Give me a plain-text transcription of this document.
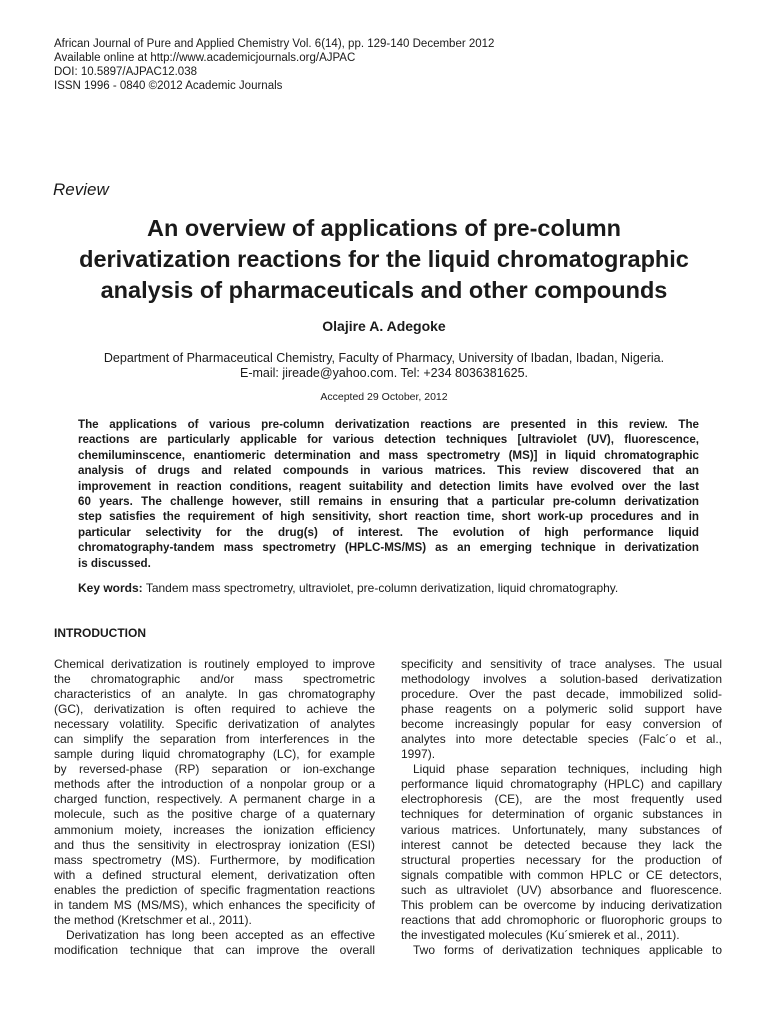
African Journal of Pure and Applied Chemistry Vol. 6(14), pp. 129-140 December 2012
Available online at http://www.academicjournals.org/AJPAC
DOI: 10.5897/AJPAC12.038
ISSN 1996 - 0840 ©2012 Academic Journals
Review
An overview of applications of pre-column
derivatization reactions for the liquid chromatographic
analysis of pharmaceuticals and other compounds
Olajire A. Adegoke
Department of Pharmaceutical Chemistry, Faculty of Pharmacy, University of Ibadan, Ibadan, Nigeria.
E-mail: jireade@yahoo.com. Tel: +234 8036381625.
Accepted 29 October, 2012
The applications of various pre-column derivatization reactions are presented in this review. The
reactions are particularly applicable for various detection techniques [ultraviolet (UV), fluorescence,
chemiluminscence, enantiomeric determination and mass spectrometry (MS)] in liquid chromatographic
analysis of drugs and related compounds in various matrices. This review discovered that an
improvement in reaction conditions, reagent suitability and detection limits have evolved over the last
60 years. The challenge however, still remains in ensuring that a particular pre-column derivatization
step satisfies the requirement of high sensitivity, short reaction time, short work-up procedures and in
particular selectivity for the drug(s) of interest. The evolution of high performance liquid
chromatography-tandem mass spectrometry (HPLC-MS/MS) as an emerging technique in derivatization
is discussed.
Key words: Tandem mass spectrometry, ultraviolet, pre-column derivatization, liquid chromatography.
INTRODUCTION
Chemical derivatization is routinely employed to improve
the chromatographic and/or mass spectrometric
characteristics of an analyte. In gas chromatography
(GC), derivatization is often required to achieve the
necessary volatility. Specific derivatization of analytes
can simplify the separation from interferences in the
sample during liquid chromatography (LC), for example
by reversed-phase (RP) separation or ion-exchange
methods after the introduction of a nonpolar group or a
charged function, respectively. A permanent charge in a
molecule, such as the positive charge of a quaternary
ammonium moiety, increases the ionization efficiency
and thus the sensitivity in electrospray ionization (ESI)
mass spectrometry (MS). Furthermore, by modification
with a defined structural element, derivatization often
enables the prediction of specific fragmentation reactions
in tandem MS (MS/MS), which enhances the specificity of
the method (Kretschmer et al., 2011).
Derivatization has long been accepted as an effective
modification technique that can improve the overall
specificity and sensitivity of trace analyses. The usual
methodology involves a solution-based derivatization
procedure. Over the past decade, immobilized solid-
phase reagents on a polymeric solid support have
become increasingly popular for easy conversion of
analytes into more detectable species (Falc´o et al.,
1997).
Liquid phase separation techniques, including high
performance liquid chromatography (HPLC) and capillary
electrophoresis (CE), are the most frequently used
techniques for determination of organic substances in
various matrices. Unfortunately, many substances of
interest cannot be detected because they lack the
structural properties necessary for the production of
signals compatible with common HPLC or CE detectors,
such as ultraviolet (UV) absorbance and fluorescence.
This problem can be overcome by inducing derivatization
reactions that add chromophoric or fluorophoric groups to
the investigated molecules (Ku´smierek et al., 2011).
Two forms of derivatization techniques applicable to
